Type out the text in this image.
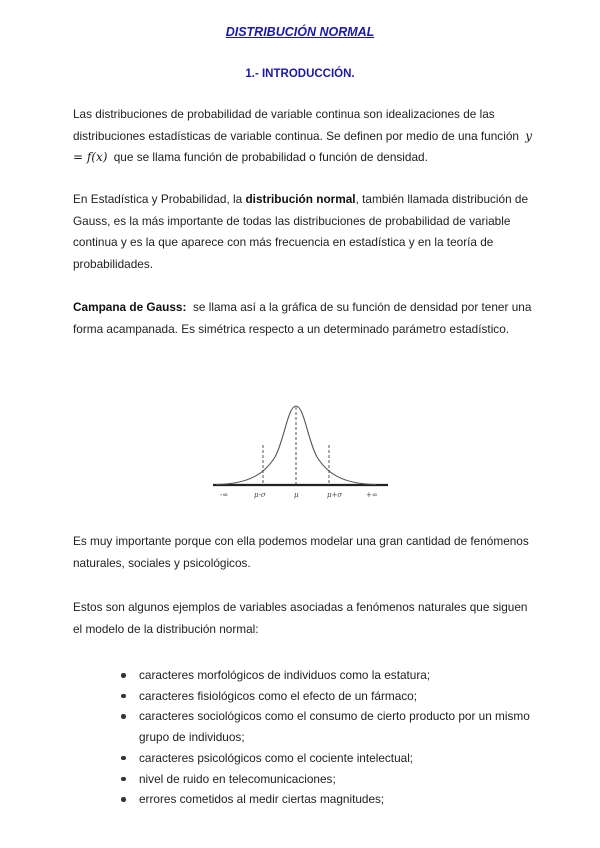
DISTRIBUCIÓN NORMAL
1.- INTRODUCCIÓN.

Las distribuciones de probabilidad de variable continua son idealizaciones de las distribuciones estadísticas de variable continua. Se definen por medio de una función y = f(x) que se llama función de probabilidad o función de densidad.

En Estadística y Probabilidad, la distribución normal, también llamada distribución de Gauss, es la más importante de todas las distribuciones de probabilidad de variable continua y es la que aparece con más frecuencia en estadística y en la teoría de probabilidades.

Campana de Gauss: se llama así a la gráfica de su función de densidad por tener una forma acampanada. Es simétrica respecto a un determinado parámetro estadístico.

-∞	μ-σ	μ	μ+σ	+∞

Es muy importante porque con ella podemos modelar una gran cantidad de fenómenos naturales, sociales y psicológicos.

Estos son algunos ejemplos de variables asociadas a fenómenos naturales que siguen el modelo de la distribución normal:

caracteres morfológicos de individuos como la estatura;
caracteres fisiológicos como el efecto de un fármaco;
caracteres sociológicos como el consumo de cierto producto por un mismo grupo de individuos;
caracteres psicológicos como el cociente intelectual;
nivel de ruido en telecomunicaciones;
errores cometidos al medir ciertas magnitudes;
